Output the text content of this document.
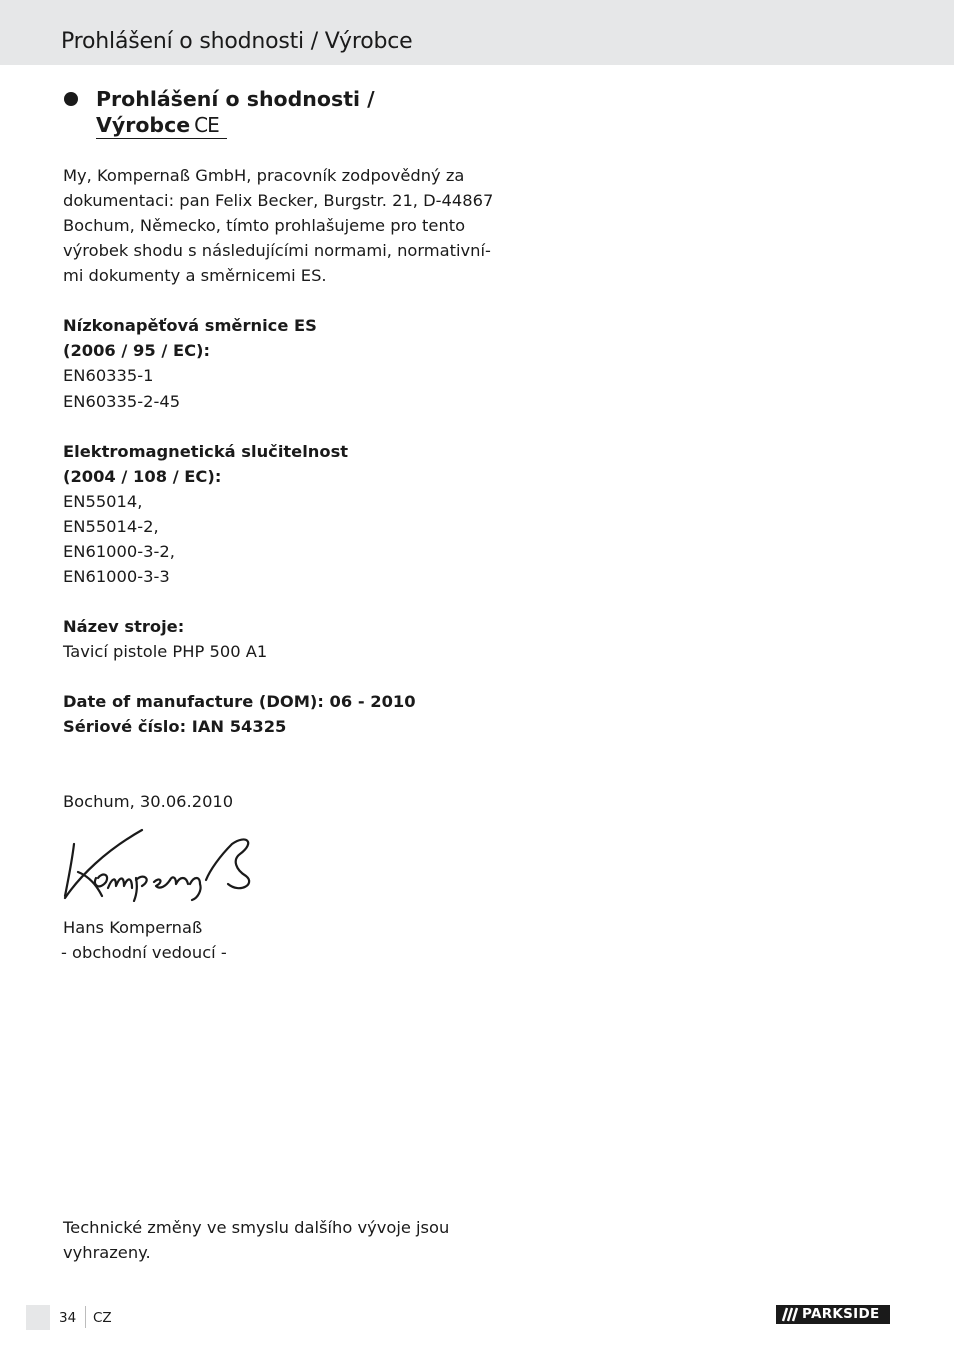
Prohlášení o shodnosti / Výrobce
Prohlášení o shodnosti /
Výrobce CE
My, Kompernaß GmbH, pracovník zodpovědný za
dokumentaci: pan Felix Becker, Burgstr. 21, D-44867
Bochum, Německo, tímto prohlašujeme pro tento
výrobek shodu s následujícími normami, normativní-
mi dokumenty a směrnicemi ES.
Nízkonapěťová směrnice ES
(2006 / 95 / EC):
EN60335-1
EN60335-2-45
Elektromagnetická slučitelnost
(2004 / 108 / EC):
EN55014,
EN55014-2,
EN61000-3-2,
EN61000-3-3
Název stroje:
Tavicí pistole PHP 500 A1
Date of manufacture (DOM): 06 - 2010
Sériové číslo: IAN 54325
Bochum, 30.06.2010
Hans Kompernaß
- obchodní vedoucí -
Technické změny ve smyslu dalšího vývoje jsou
vyhrazeny.
34 CZ	PARKSIDE
